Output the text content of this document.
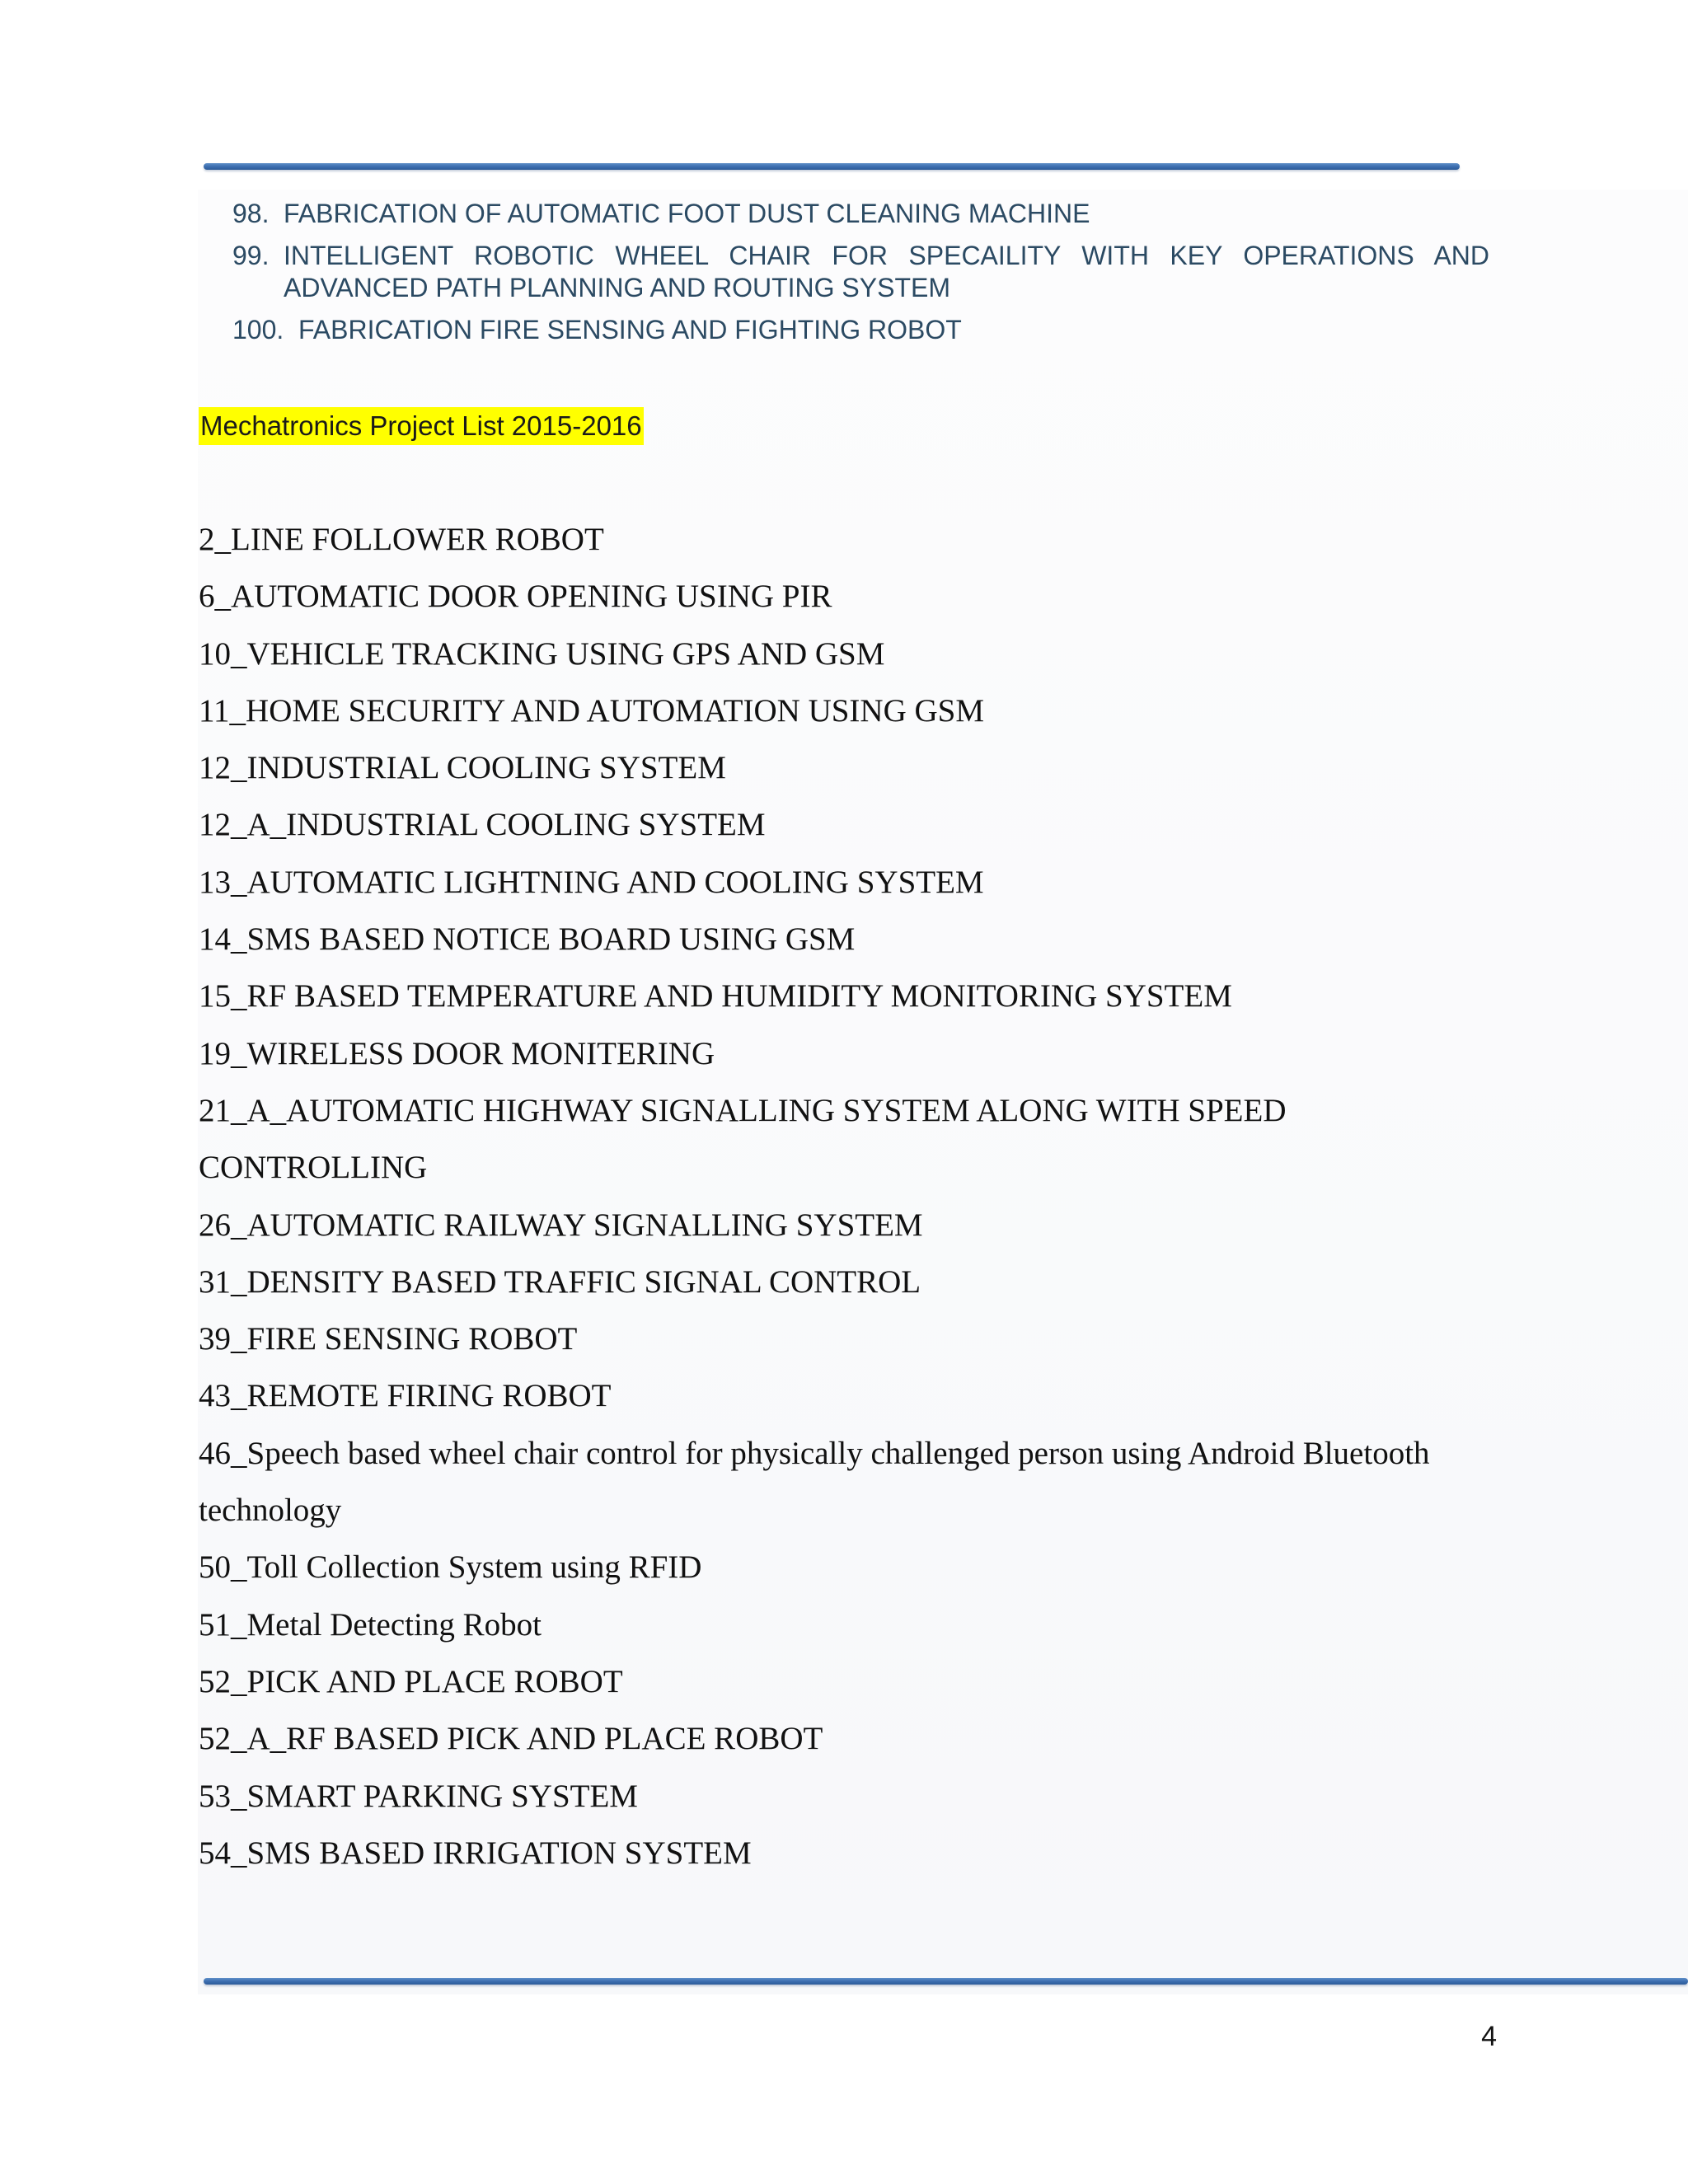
98. FABRICATION OF AUTOMATIC FOOT DUST CLEANING MACHINE
99. INTELLIGENT ROBOTIC WHEEL CHAIR FOR SPECAILITY WITH KEY OPERATIONS AND ADVANCED PATH PLANNING AND ROUTING SYSTEM
100. FABRICATION FIRE SENSING AND FIGHTING ROBOT
Mechatronics Project List 2015-2016

2_LINE FOLLOWER ROBOT

6_AUTOMATIC DOOR OPENING USING PIR

10_VEHICLE TRACKING USING GPS AND GSM

11_HOME SECURITY AND AUTOMATION USING GSM

12_INDUSTRIAL COOLING SYSTEM

12_A_INDUSTRIAL COOLING SYSTEM

13_AUTOMATIC LIGHTNING AND COOLING SYSTEM

14_SMS BASED NOTICE BOARD USING GSM

15_RF BASED TEMPERATURE AND HUMIDITY MONITORING SYSTEM

19_WIRELESS DOOR MONITERING

21_A_AUTOMATIC HIGHWAY SIGNALLING SYSTEM ALONG WITH SPEED CONTROLLING

26_AUTOMATIC RAILWAY SIGNALLING SYSTEM

31_DENSITY BASED TRAFFIC SIGNAL CONTROL

39_FIRE SENSING ROBOT

43_REMOTE FIRING ROBOT

46_Speech based wheel chair control for physically challenged person using Android Bluetooth technology

50_Toll Collection System using RFID

51_Metal Detecting Robot

52_PICK AND PLACE ROBOT

52_A_RF BASED PICK AND PLACE ROBOT

53_SMART PARKING SYSTEM

54_SMS BASED IRRIGATION SYSTEM

4
